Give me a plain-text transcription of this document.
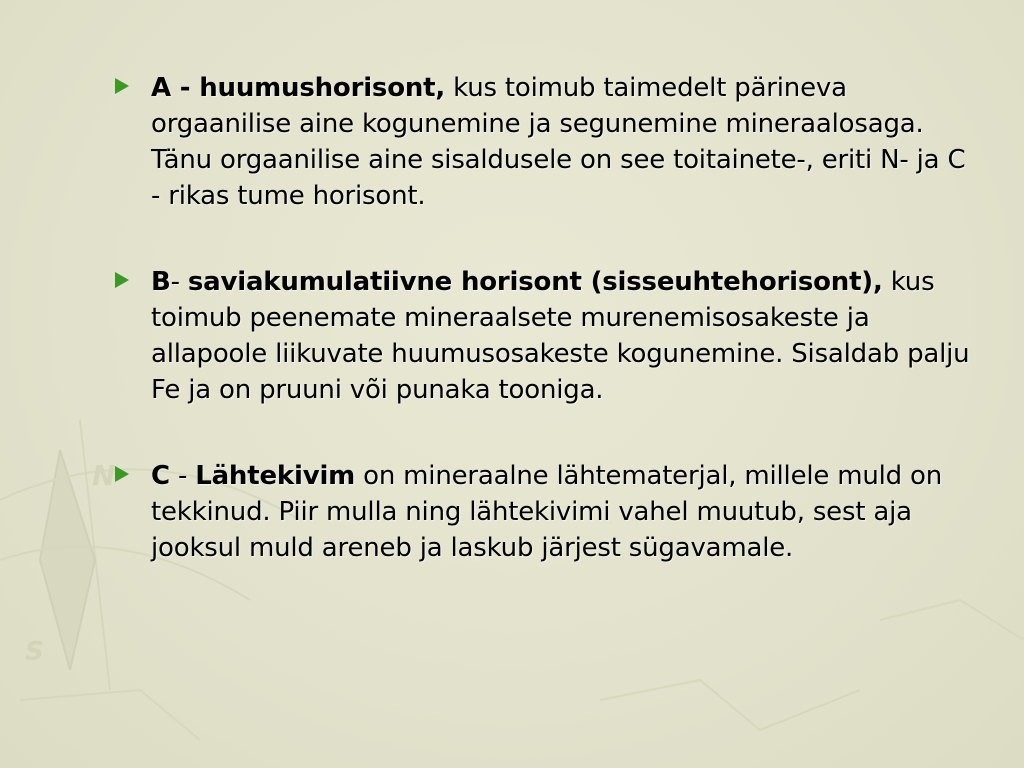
N
S
A - huumushorisont, kus toimub taimedelt pärineva orgaanilise aine kogunemine ja segunemine mineraalosaga. Tänu orgaanilise aine sisaldusele on see toitainete-, eriti N- ja C - rikas tume horisont.
B- saviakumulatiivne horisont (sisseuhtehorisont), kus toimub peenemate mineraalsete murenemisosakeste ja allapoole liikuvate huumusosakeste kogunemine. Sisaldab palju Fe ja on pruuni või punaka tooniga.
C - Lähtekivim on mineraalne lähtematerjal, millele muld on tekkinud. Piir mulla ning lähtekivimi vahel muutub, sest aja jooksul muld areneb ja laskub järjest sügavamale.
